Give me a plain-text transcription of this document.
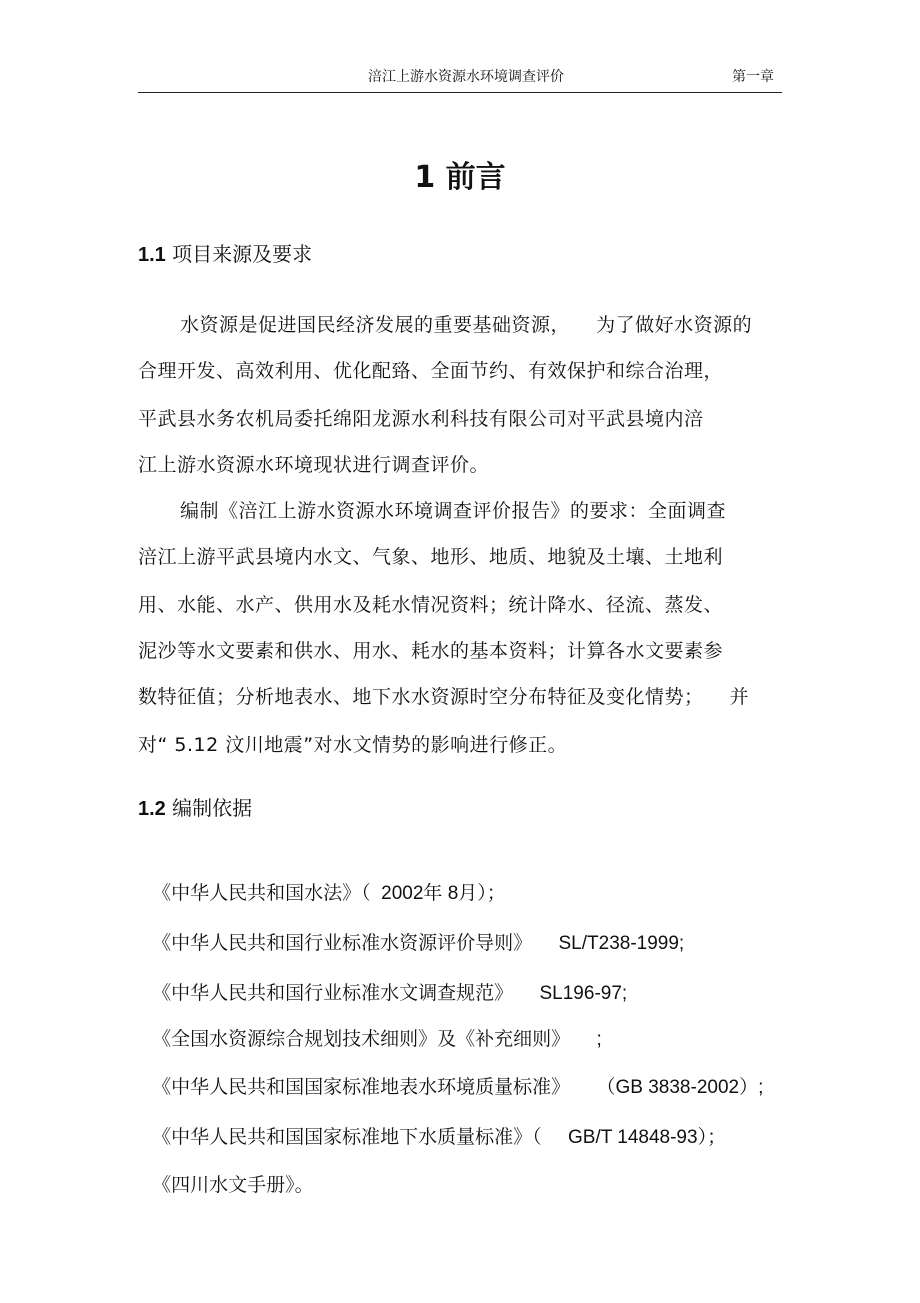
涪江上游水资源水环境调查评价	第一章
1 前言
1.1 项目来源及要求
水资源是促进国民经济发展的重要基础资源，    为了做好水资源的
合理开发、高效利用、优化配臵、全面节约、有效保护和综合治理，
平武县水务农机局委托绵阳龙源水利科技有限公司对平武县境内涪
江上游水资源水环境现状进行调查评价。
编制《涪江上游水资源水环境调查评价报告》的要求：全面调查
涪江上游平武县境内水文、气象、地形、地质、地貌及土壤、土地利
用、水能、水产、供用水及耗水情况资料；统计降水、径流、蒸发、
泥沙等水文要素和供水、用水、耗水的基本资料；计算各水文要素参
数特征值；分析地表水、地下水水资源时空分布特征及变化情势；    并
对“ 5.12 汶川地震”对水文情势的影响进行修正。
1.2 编制依据

《中华人民共和国水法》（  2002年 8月）；

《中华人民共和国行业标准水资源评价导则》     SL/T238-1999;

《中华人民共和国行业标准水文调查规范》     SL196-97;

《全国水资源综合规划技术细则》及《补充细则》     ;

《中华人民共和国国家标准地表水环境质量标准》     （GB 3838-2002）;

《中华人民共和国国家标准地下水质量标准》（     GB/T 14848-93）；

《四川水文手册》。
